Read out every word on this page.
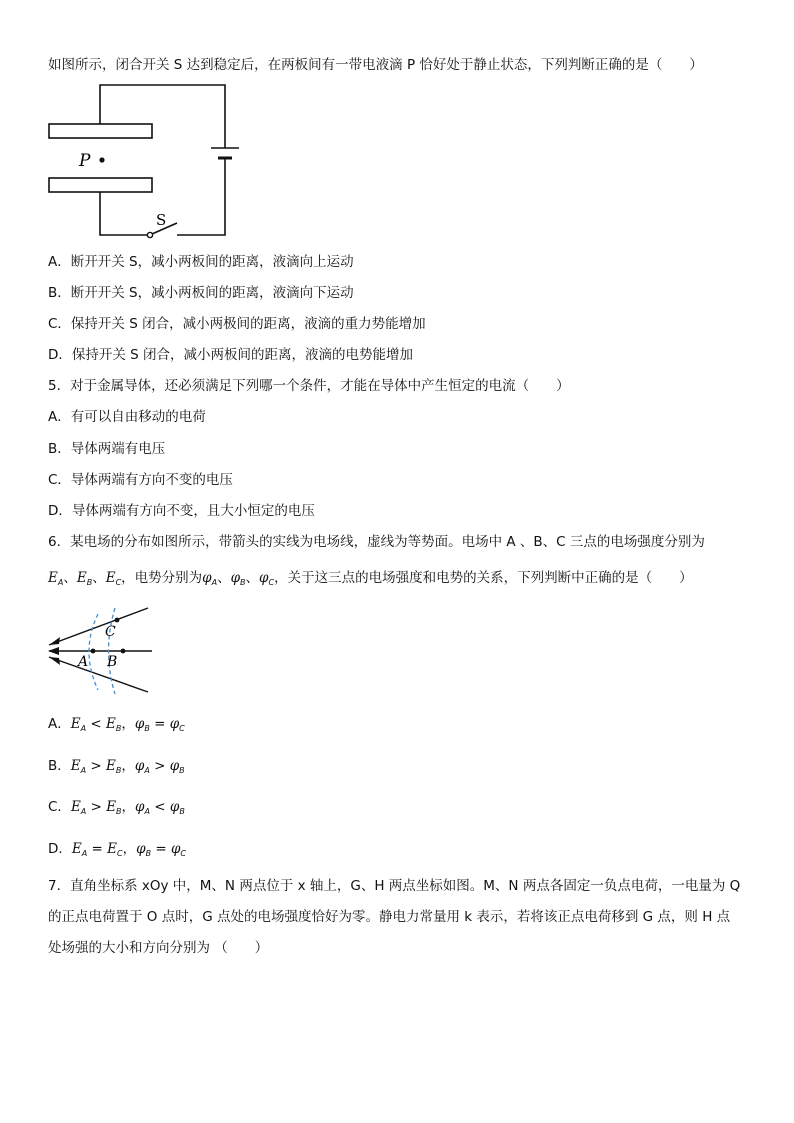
如图所示，闭合开关 S 达到稳定后，在两板间有一带电液滴 P 恰好处于静止状态，下列判断正确的是（　　）
P
S
A．断开开关 S，减小两板间的距离，液滴向上运动
B．断开开关 S，减小两板间的距离，液滴向下运动
C．保持开关 S 闭合，减小两极间的距离，液滴的重力势能增加
D．保持开关 S 闭合，减小两板间的距离，液滴的电势能增加
5．对于金属导体，还必须满足下列哪一个条件，才能在导体中产生恒定的电流（　　）
A．有可以自由移动的电荷
B．导体两端有电压
C．导体两端有方向不变的电压
D．导体两端有方向不变，且大小恒定的电压
6．某电场的分布如图所示，带箭头的实线为电场线，虚线为等势面。电场中 A 、B、C 三点的电场强度分别为
$E_A$、$E_B$、$E_C$，电势分别为$\varphi_A$、$\varphi_B$、$\varphi_C$，关于这三点的电场强度和电势的关系，下列判断中正确的是（　　）
A B
C
A．$E_A < E_B$，$\varphi_B = \varphi_C$
B．$E_A > E_B$，$\varphi_A > \varphi_B$
C．$E_A > E_B$，$\varphi_A < \varphi_B$
D．$E_A = E_C$，$\varphi_B = \varphi_C$
7．直角坐标系 xOy 中，M、N 两点位于 x 轴上，G、H 两点坐标如图。M、N 两点各固定一负点电荷，一电量为 Q
的正点电荷置于 O 点时，G 点处的电场强度恰好为零。静电力常量用 k 表示，若将该正点电荷移到 G 点，则 H 点
处场强的大小和方向分别为 （　　）
